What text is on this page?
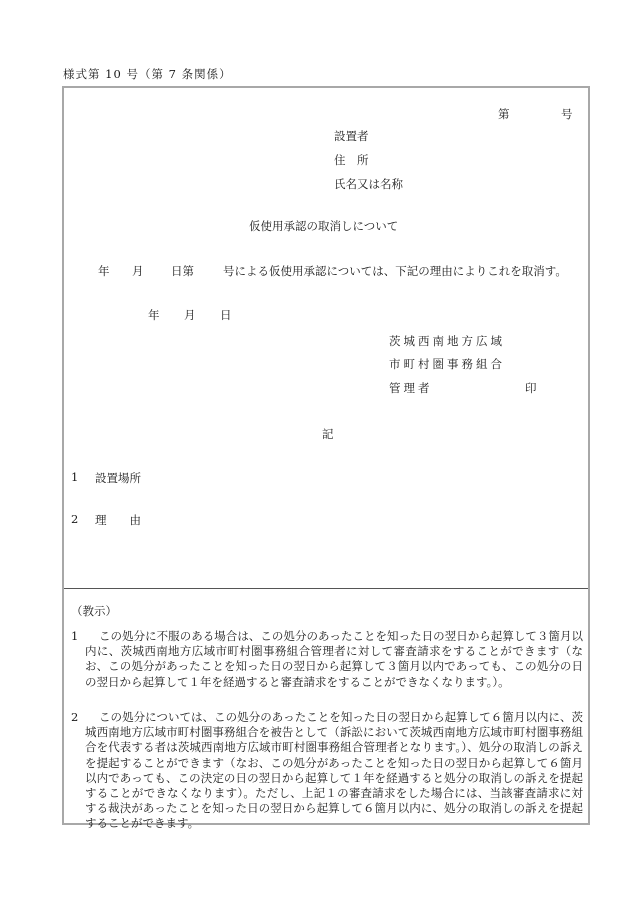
様式第 10 号（第 7 条関係）
第	号
設置者
住　所
氏名又は名称
仮使用承認の取消しについて
年 月 日第	号による仮使用承認については、下記の理由によりこれを取消す。
年 月 日
茨城西南地方広域
市町村圏事務組合
管理者	印
記
1 設置場所
2 理　　由
（教示）
1	この処分に不服のある場合は、この処分のあったことを知った日の翌日から起算して３箇月以内に、茨城西南地方広域市町村圏事務組合管理者に対して審査請求をすることができます（なお、この処分があったことを知った日の翌日から起算して３箇月以内であっても、この処分の日の翌日から起算して１年を経過すると審査請求をすることができなくなります。）。
2	この処分については、この処分のあったことを知った日の翌日から起算して６箇月以内に、茨城西南地方広域市町村圏事務組合を被告として（訴訟において茨城西南地方広域市町村圏事務組合を代表する者は茨城西南地方広域市町村圏事務組合管理者となります。）、処分の取消しの訴えを提起することができます（なお、この処分があったことを知った日の翌日から起算して６箇月以内であっても、この決定の日の翌日から起算して１年を経過すると処分の取消しの訴えを提起することができなくなります）。ただし、上記１の審査請求をした場合には、当該審査請求に対する裁決があったことを知った日の翌日から起算して６箇月以内に、処分の取消しの訴えを提起することができます。
